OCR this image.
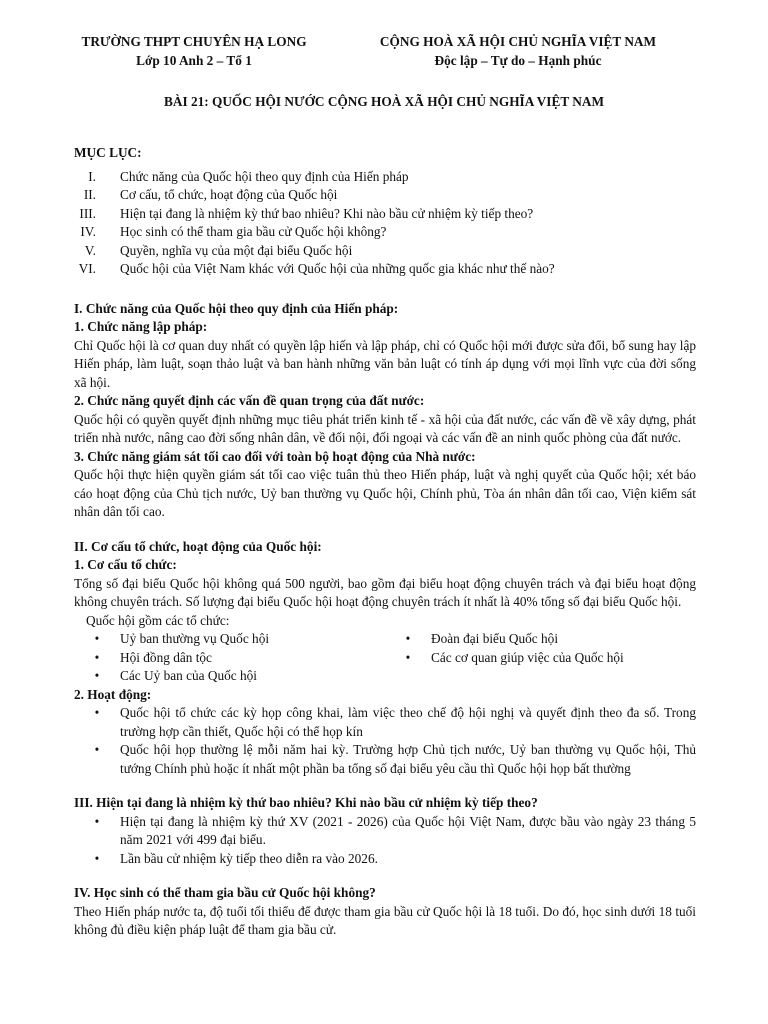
TRƯỜNG THPT CHUYÊN HẠ LONG
Lớp 10 Anh 2 – Tổ 1
CỘNG HOÀ XÃ HỘI CHỦ NGHĨA VIỆT NAM
Độc lập – Tự do – Hạnh phúc
BÀI 21: QUỐC HỘI NƯỚC CỘNG HOÀ XÃ HỘI CHỦ NGHĨA VIỆT NAM
MỤC LỤC:
I. Chức năng của Quốc hội theo quy định của Hiến pháp
II. Cơ cấu, tổ chức, hoạt động của Quốc hội
III. Hiện tại đang là nhiệm kỳ thứ bao nhiêu? Khi nào bầu cử nhiệm kỳ tiếp theo?
IV. Học sinh có thể tham gia bầu cử Quốc hội không?
V. Quyền, nghĩa vụ của một đại biểu Quốc hội
VI. Quốc hội của Việt Nam khác với Quốc hội của những quốc gia khác như thế nào?
I. Chức năng của Quốc hội theo quy định của Hiến pháp:
1. Chức năng lập pháp:
Chỉ Quốc hội là cơ quan duy nhất có quyền lập hiến và lập pháp, chỉ có Quốc hội mới được sửa đổi, bổ sung hay lập Hiến pháp, làm luật, soạn thảo luật và ban hành những văn bản luật có tính áp dụng với mọi lĩnh vực của đời sống xã hội.
2. Chức năng quyết định các vấn đề quan trọng của đất nước:
Quốc hội có quyền quyết định những mục tiêu phát triển kinh tế - xã hội của đất nước, các vấn đề về xây dựng, phát triển nhà nước, nâng cao đời sống nhân dân, về đối nội, đối ngoại và các vấn đề an ninh quốc phòng của đất nước.
3. Chức năng giám sát tối cao đối với toàn bộ hoạt động của Nhà nước:
Quốc hội thực hiện quyền giám sát tối cao việc tuân thủ theo Hiến pháp, luật và nghị quyết của Quốc hội; xét báo cáo hoạt động của Chủ tịch nước, Uỷ ban thường vụ Quốc hội, Chính phủ, Tòa án nhân dân tối cao, Viện kiểm sát nhân dân tối cao.
II. Cơ cấu tổ chức, hoạt động của Quốc hội:
1. Cơ cấu tổ chức:
Tổng số đại biểu Quốc hội không quá 500 người, bao gồm đại biểu hoạt động chuyên trách và đại biểu hoạt động không chuyên trách. Số lượng đại biểu Quốc hội hoạt động chuyên trách ít nhất là 40% tổng số đại biểu Quốc hội.
Quốc hội gồm các tổ chức:
•	Uỷ ban thường vụ Quốc hội
•	Hội đồng dân tộc
•	Các Uỷ ban của Quốc hội
•	Đoàn đại biểu Quốc hội
•	Các cơ quan giúp việc của Quốc hội
2. Hoạt động:
•	Quốc hội tổ chức các kỳ họp công khai, làm việc theo chế độ hội nghị và quyết định theo đa số. Trong trường hợp cần thiết, Quốc hội có thể họp kín
•	Quốc hội họp thường lệ mỗi năm hai kỳ. Trường hợp Chủ tịch nước, Uỷ ban thường vụ Quốc hội, Thủ tướng Chính phủ hoặc ít nhất một phần ba tổng số đại biểu yêu cầu thì Quốc hội họp bất thường
III. Hiện tại đang là nhiệm kỳ thứ bao nhiêu? Khi nào bầu cử nhiệm kỳ tiếp theo?
•	Hiện tại đang là nhiệm kỳ thứ XV (2021 - 2026) của Quốc hội Việt Nam, được bầu vào ngày 23 tháng 5 năm 2021 với 499 đại biểu.
•	Lần bầu cử nhiệm kỳ tiếp theo diễn ra vào 2026.
IV. Học sinh có thể tham gia bầu cử Quốc hội không?
Theo Hiến pháp nước ta, độ tuổi tối thiểu để được tham gia bầu cử Quốc hội là 18 tuổi. Do đó, học sinh dưới 18 tuổi không đủ điều kiện pháp luật để tham gia bầu cử.
